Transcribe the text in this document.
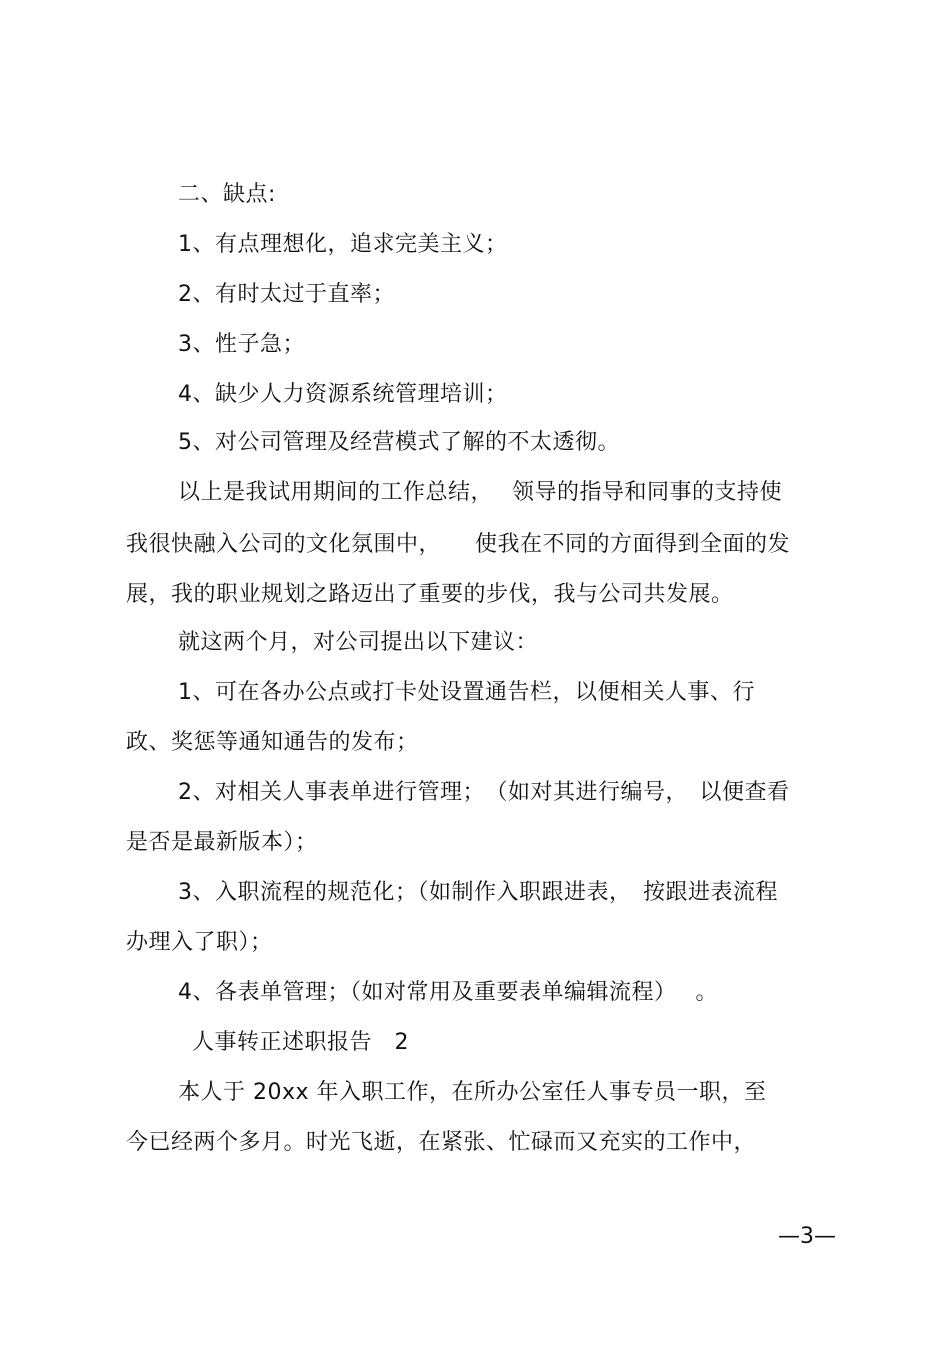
二、缺点:
1、有点理想化，追求完美主义；
2、有时太过于直率；
3、性子急；
4、缺少人力资源系统管理培训；
5、对公司管理及经营模式了解的不太透彻。
以上是我试用期间的工作总结，　 领导的指导和同事的支持使
我很快融入公司的文化氛围中，　　使我在不同的方面得到全面的发
展，我的职业规划之路迈出了重要的步伐，我与公司共发展。
就这两个月，对公司提出以下建议：
1、可在各办公点或打卡处设置通告栏，以便相关人事、行
政、奖惩等通知通告的发布；
2、对相关人事表单进行管理；　（如对其进行编号，　以便查看
是否是最新版本）；
3、入职流程的规范化；（如制作入职跟进表，　按跟进表流程
办理入了职）；
4、各表单管理；（如对常用及重要表单编辑流程）　 。
人事转正述职报告　2
本人于 20xx 年入职工作，在所办公室任人事专员一职，至
今已经两个多月。时光飞逝，在紧张、忙碌而又充实的工作中，
—3—
